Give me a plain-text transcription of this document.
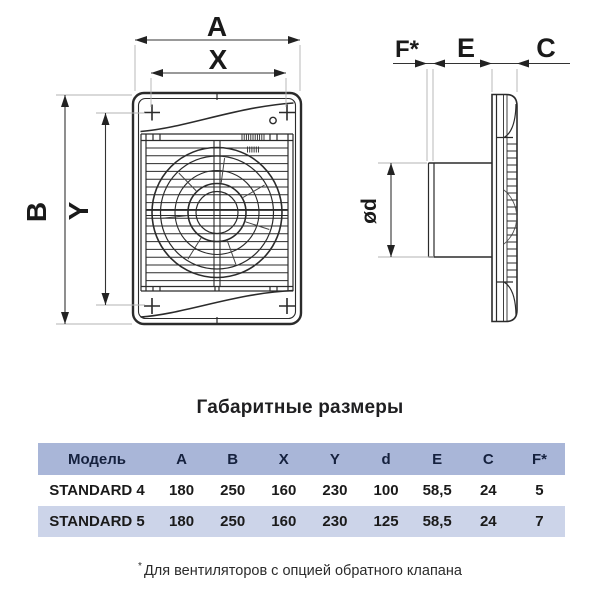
A
X
B Y
F* E C
ød
Габаритные размеры
Модель	A	B	X	Y	d	E	C	F*
STANDARD 4	180	250	160	230	100	58,5	24	5
STANDARD 5	180	250	160	230	125	58,5	24	7
* Для вентиляторов с опцией обратного клапана
